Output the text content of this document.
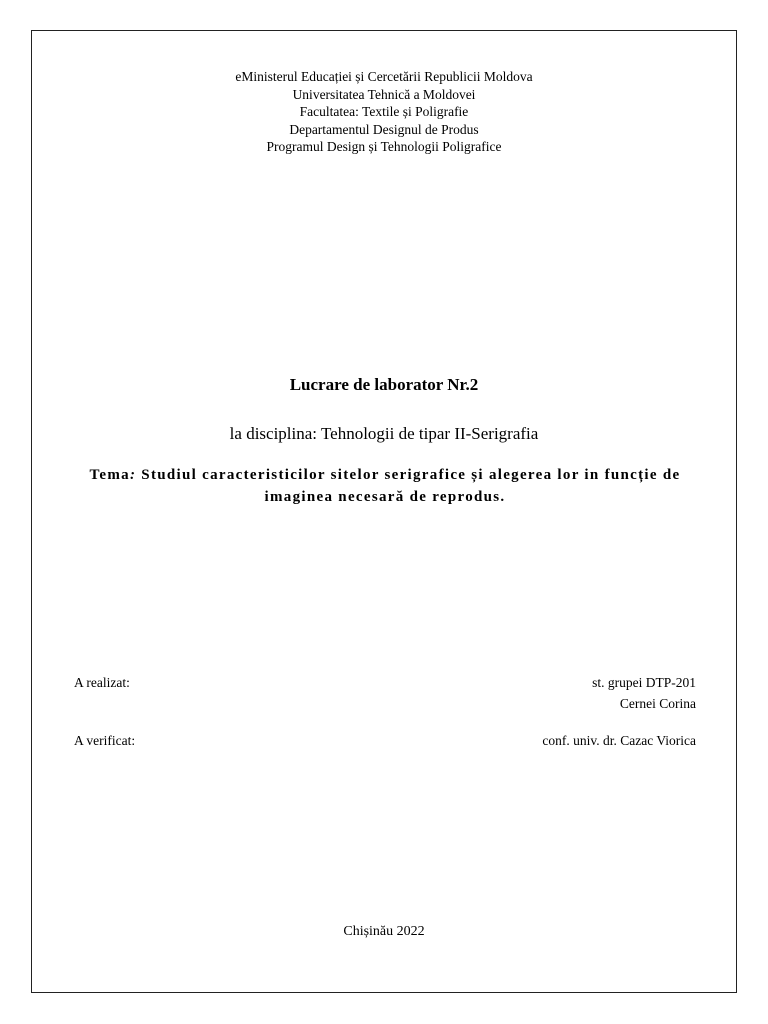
eMinisterul Educației și Cercetării Republicii Moldova
Universitatea Tehnică a Moldovei
Facultatea: Textile și Poligrafie
Departamentul Designul de Produs
Programul Design și Tehnologii Poligrafice
Lucrare de laborator Nr.2
la disciplina: Tehnologii de tipar II-Serigrafia
Tema: Studiul caracteristicilor sitelor serigrafice și alegerea lor in funcție de imaginea necesară de reprodus.
A realizat:	st. grupei DTP-201
Cernei Corina
A verificat:	conf. univ. dr. Cazac Viorica
Chișinău 2022
